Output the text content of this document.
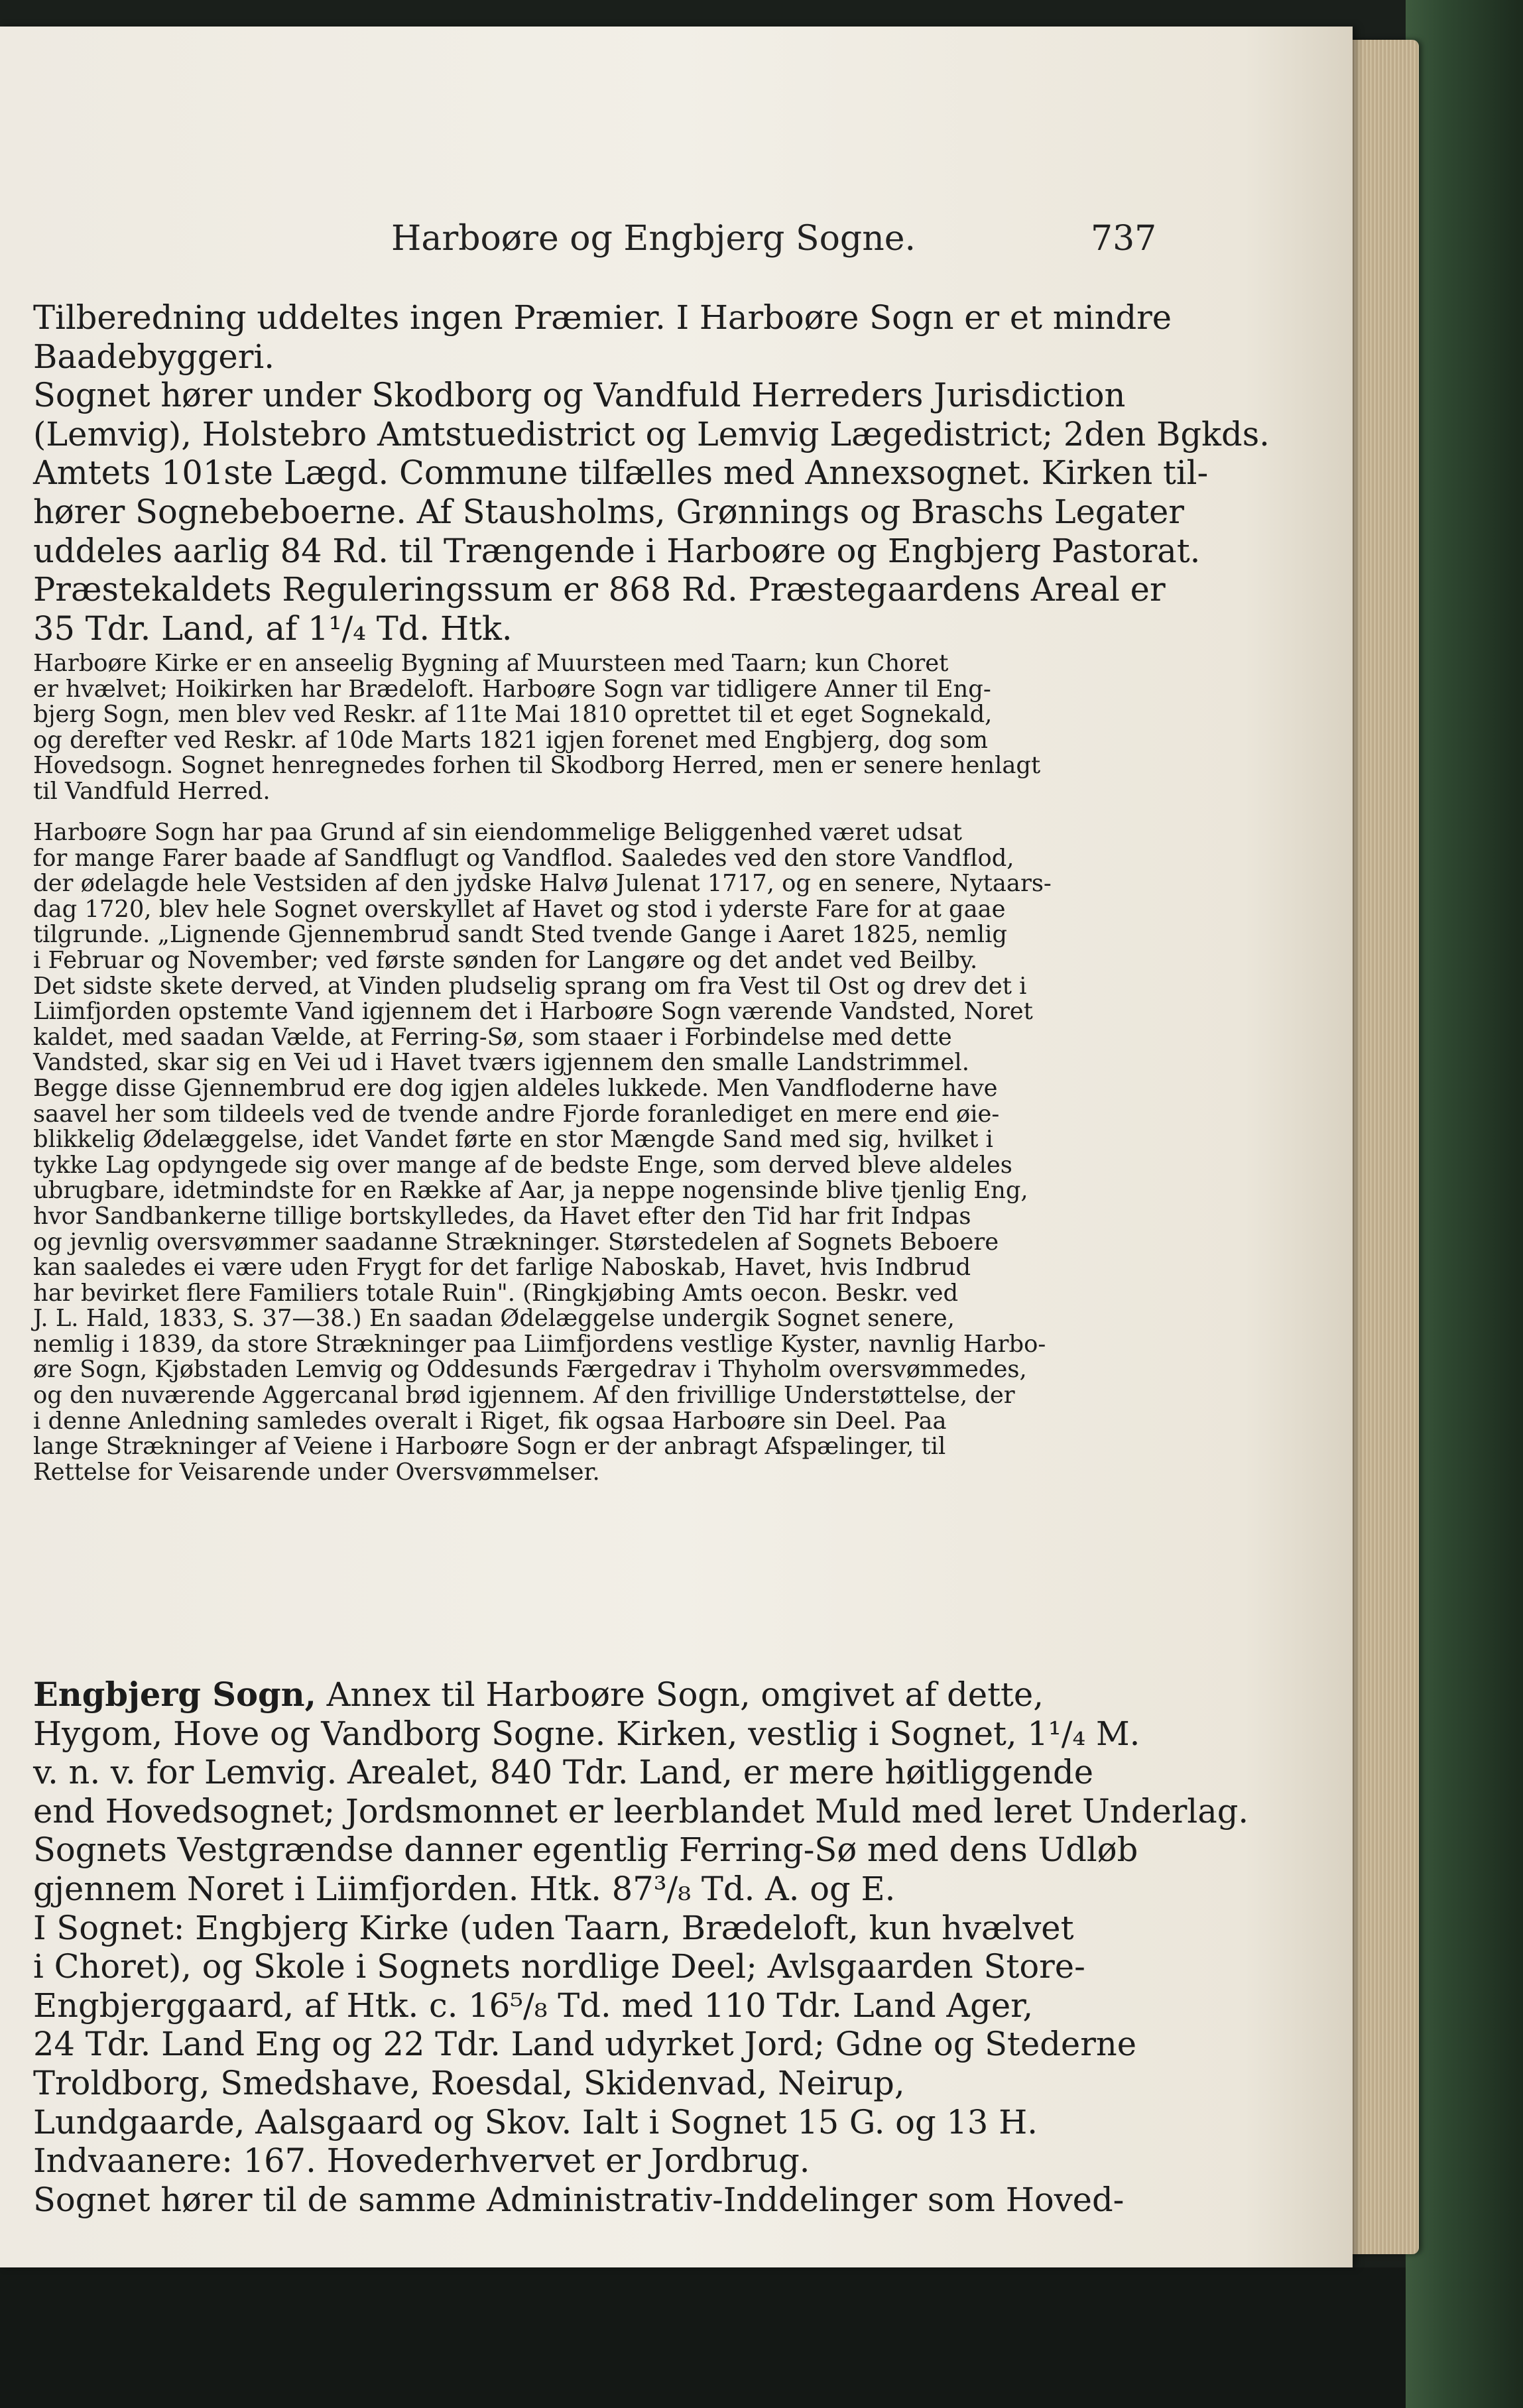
Harboøre og Engbjerg Sogne.	737
Tilberedning uddeltes ingen Præmier. I Harboøre Sogn er et mindre
Baadebyggeri.
Sognet hører under Skodborg og Vandfuld Herreders Jurisdiction
(Lemvig), Holstebro Amtstuedistrict og Lemvig Lægedistrict; 2den Bgkds.
Amtets 101ste Lægd. Commune tilfælles med Annexsognet. Kirken til-
hører Sognebeboerne. Af Stausholms, Grønnings og Braschs Legater
uddeles aarlig 84 Rd. til Trængende i Harboøre og Engbjerg Pastorat.
Præstekaldets Reguleringssum er 868 Rd. Præstegaardens Areal er
35 Tdr. Land, af 1¹/₄ Td. Htk.
Harboøre Kirke er en anseelig Bygning af Muursteen med Taarn; kun Choret
er hvælvet; Hoikirken har Brædeloft. Harboøre Sogn var tidligere Anner til Eng-
bjerg Sogn, men blev ved Reskr. af 11te Mai 1810 oprettet til et eget Sognekald,
og derefter ved Reskr. af 10de Marts 1821 igjen forenet med Engbjerg, dog som
Hovedsogn. Sognet henregnedes forhen til Skodborg Herred, men er senere henlagt
til Vandfuld Herred.
Harboøre Sogn har paa Grund af sin eiendommelige Beliggenhed været udsat
for mange Farer baade af Sandflugt og Vandflod. Saaledes ved den store Vandflod,
der ødelagde hele Vestsiden af den jydske Halvø Julenat 1717, og en senere, Nytaars-
dag 1720, blev hele Sognet overskyllet af Havet og stod i yderste Fare for at gaae
tilgrunde. „Lignende Gjennembrud sandt Sted tvende Gange i Aaret 1825, nemlig
i Februar og November; ved første sønden for Langøre og det andet ved Beilby.
Det sidste skete derved, at Vinden pludselig sprang om fra Vest til Ost og drev det i
Liimfjorden opstemte Vand igjennem det i Harboøre Sogn værende Vandsted, Noret
kaldet, med saadan Vælde, at Ferring-Sø, som staaer i Forbindelse med dette
Vandsted, skar sig en Vei ud i Havet tværs igjennem den smalle Landstrimmel.
Begge disse Gjennembrud ere dog igjen aldeles lukkede. Men Vandfloderne have
saavel her som tildeels ved de tvende andre Fjorde foranlediget en mere end øie-
blikkelig Ødelæggelse, idet Vandet førte en stor Mængde Sand med sig, hvilket i
tykke Lag opdyngede sig over mange af de bedste Enge, som derved bleve aldeles
ubrugbare, idetmindste for en Række af Aar, ja neppe nogensinde blive tjenlig Eng,
hvor Sandbankerne tillige bortskylledes, da Havet efter den Tid har frit Indpas
og jevnlig oversvømmer saadanne Strækninger. Størstedelen af Sognets Beboere
kan saaledes ei være uden Frygt for det farlige Naboskab, Havet, hvis Indbrud
har bevirket flere Familiers totale Ruin". (Ringkjøbing Amts oecon. Beskr. ved
J. L. Hald, 1833, S. 37—38.) En saadan Ødelæggelse undergik Sognet senere,
nemlig i 1839, da store Strækninger paa Liimfjordens vestlige Kyster, navnlig Harbo-
øre Sogn, Kjøbstaden Lemvig og Oddesunds Færgedrav i Thyholm oversvømmedes,
og den nuværende Aggercanal brød igjennem. Af den frivillige Understøttelse, der
i denne Anledning samledes overalt i Riget, fik ogsaa Harboøre sin Deel. Paa
lange Strækninger af Veiene i Harboøre Sogn er der anbragt Afspælinger, til
Rettelse for Veisarende under Oversvømmelser.
Engbjerg Sogn, Annex til Harboøre Sogn, omgivet af dette,
Hygom, Hove og Vandborg Sogne. Kirken, vestlig i Sognet, 1¹/₄ M.
v. n. v. for Lemvig. Arealet, 840 Tdr. Land, er mere høitliggende
end Hovedsognet; Jordsmonnet er leerblandet Muld med leret Underlag.
Sognets Vestgrændse danner egentlig Ferring-Sø med dens Udløb
gjennem Noret i Liimfjorden. Htk. 87³/₈ Td. A. og E.
I Sognet: Engbjerg Kirke (uden Taarn, Brædeloft, kun hvælvet
i Choret), og Skole i Sognets nordlige Deel; Avlsgaarden Store-
Engbjerggaard, af Htk. c. 16⁵/₈ Td. med 110 Tdr. Land Ager,
24 Tdr. Land Eng og 22 Tdr. Land udyrket Jord; Gdne og Stederne
Troldborg, Smedshave, Roesdal, Skidenvad, Neirup,
Lundgaarde, Aalsgaard og Skov. Ialt i Sognet 15 G. og 13 H.
Indvaanere: 167. Hovederhvervet er Jordbrug.
Sognet hører til de samme Administrativ-Inddelinger som Hoved-
